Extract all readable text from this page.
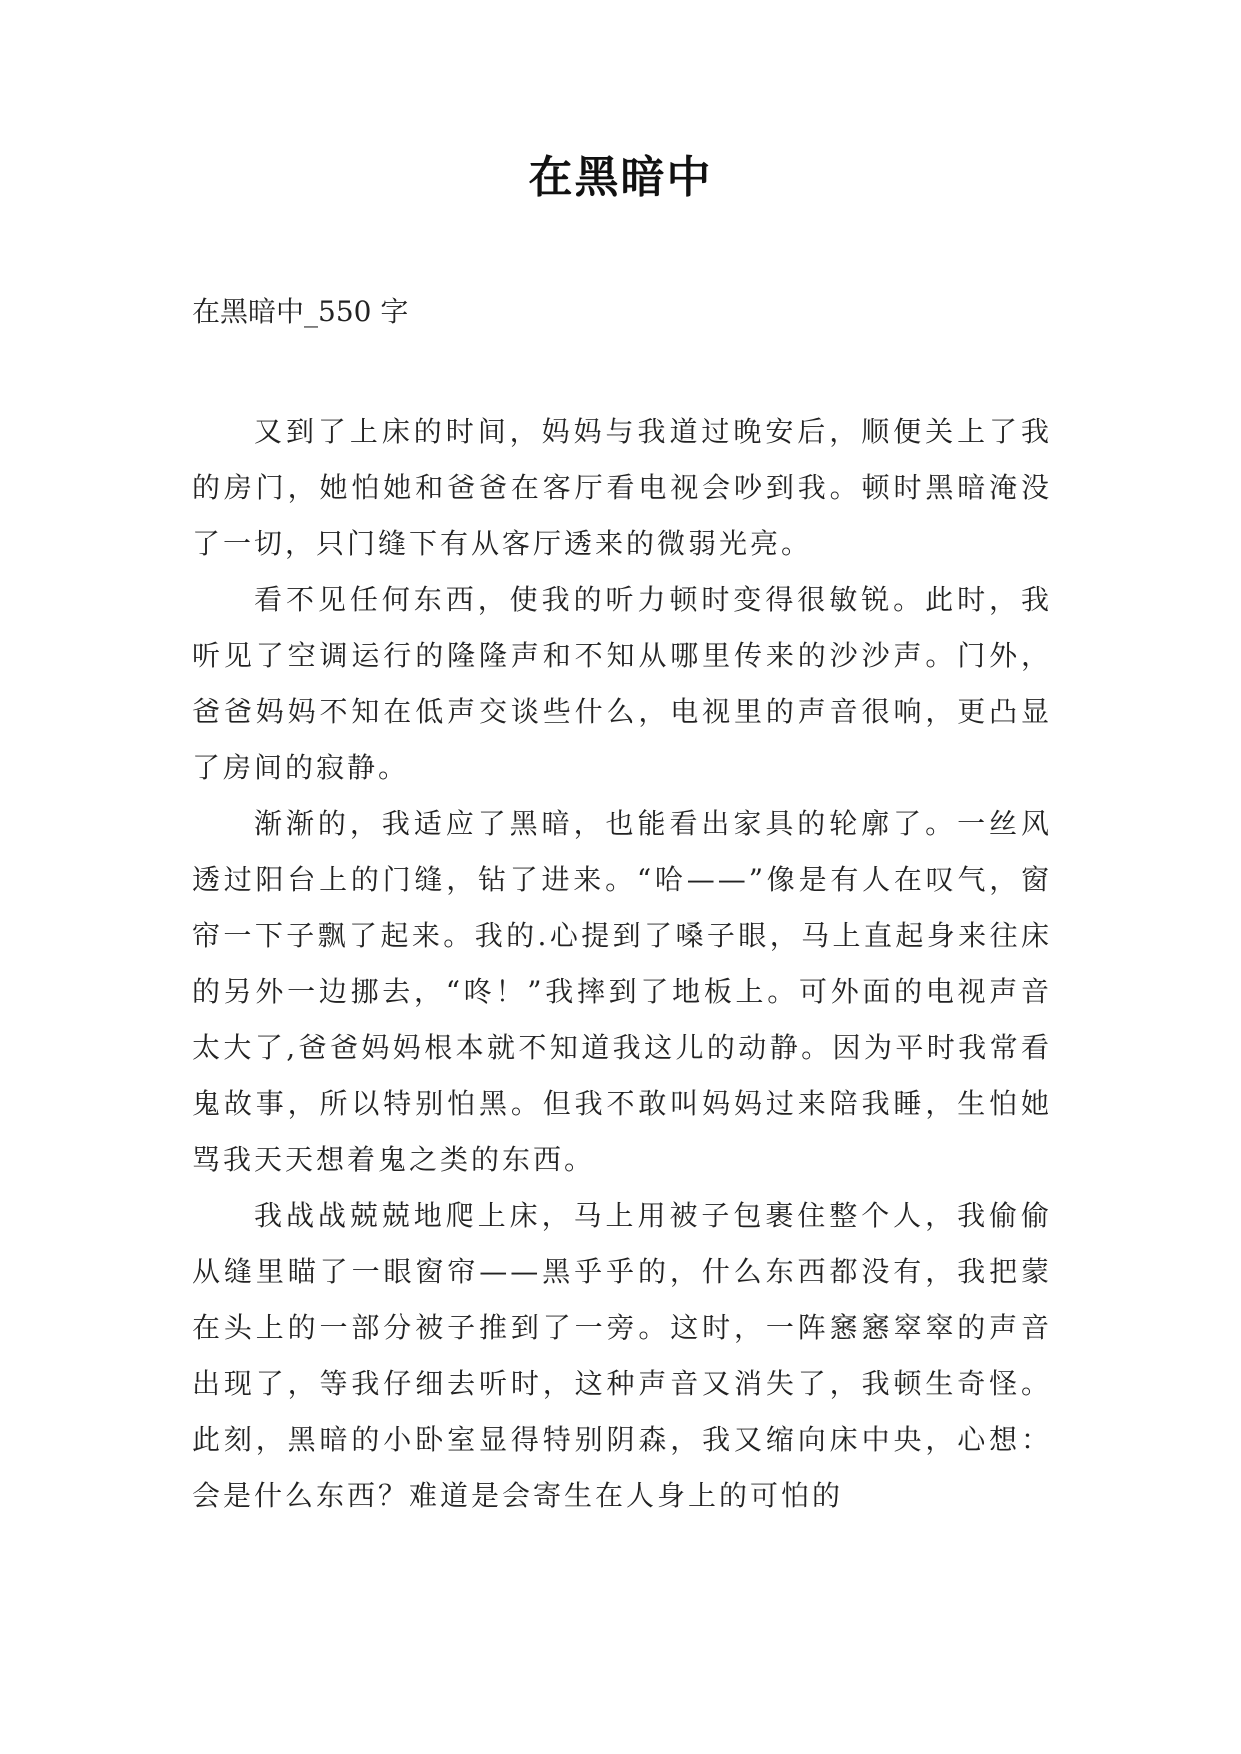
在黑暗中
在黑暗中_550 字

又到了上床的时间，妈妈与我道过晚安后，顺便关上了我的房门，她怕她和爸爸在客厅看电视会吵到我。顿时黑暗淹没了一切，只门缝下有从客厅透来的微弱光亮。

看不见任何东西，使我的听力顿时变得很敏锐。此时，我听见了空调运行的隆隆声和不知从哪里传来的沙沙声。门外，爸爸妈妈不知在低声交谈些什么，电视里的声音很响，更凸显了房间的寂静。

渐渐的，我适应了黑暗，也能看出家具的轮廓了。一丝风透过阳台上的门缝，钻了进来。“哈——”像是有人在叹气，窗帘一下子飘了起来。我的.心提到了嗓子眼，马上直起身来往床的另外一边挪去，“咚！”我摔到了地板上。可外面的电视声音太大了,爸爸妈妈根本就不知道我这儿的动静。因为平时我常看鬼故事，所以特别怕黑。但我不敢叫妈妈过来陪我睡，生怕她骂我天天想着鬼之类的东西。

我战战兢兢地爬上床，马上用被子包裹住整个人，我偷偷从缝里瞄了一眼窗帘——黑乎乎的，什么东西都没有，我把蒙在头上的一部分被子推到了一旁。这时，一阵窸窸窣窣的声音出现了，等我仔细去听时，这种声音又消失了，我顿生奇怪。此刻，黑暗的小卧室显得特别阴森，我又缩向床中央，心想：会是什么东西？难道是会寄生在人身上的可怕的
